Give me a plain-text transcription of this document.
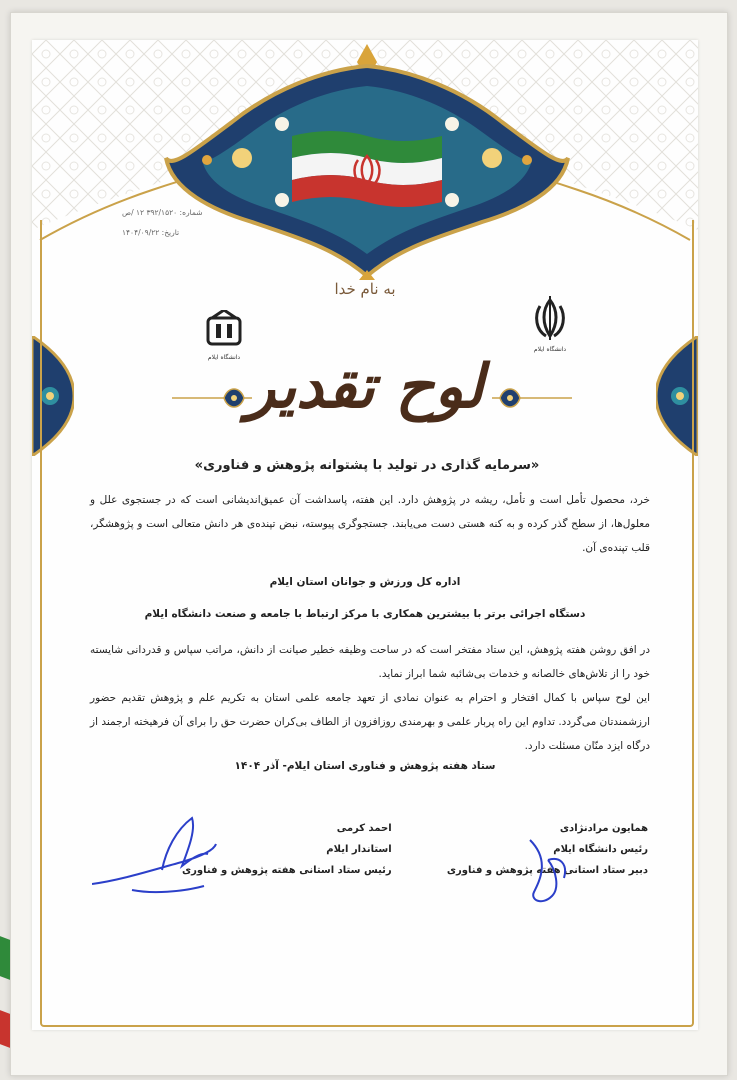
شماره: ۳۹۲/۱۵۲۰ ۱۲ /ص
تاریخ: ۱۴۰۴/۰۹/۲۲
به نام خدا
دانشگاه ایلام
دانشگاه ایلام لوح تقدیر
«سرمایه گذاری در تولید با پشتوانه پژوهش و فناوری»
خرد، محصول تأمل است و تأمل، ریشه در پژوهش دارد. این هفته، پاسداشت آن عمیق‌اندیشانی است که در جستجوی علل و معلول‌ها، از سطح گذر کرده و به کنه هستی دست می‌یابند. جستجوگری پیوسته، نبض تپنده‌ی هر دانش متعالی است و پژوهشگر، قلب تپنده‌ی آن.
اداره کل ورزش و جوانان استان ایلام
دستگاه اجرائی برتر با بیشترین همکاری با مرکز ارتباط با جامعه و صنعت دانشگاه ایلام
در افق روشن هفته پژوهش، این ستاد مفتخر است که در ساحت وظیفه خطیر صیانت از دانش، مراتب سپاس و قدردانی شایسته خود را از تلاش‌های خالصانه و خدمات بی‌شائبه شما ابراز نماید.
این لوح سپاس با کمال افتخار و احترام به عنوان نمادی از تعهد جامعه علمی استان به تکریم علم و پژوهش تقدیم حضور ارزشمندتان می‌گردد. تداوم این راه پربار علمی و بهرمندی روزافزون از الطاف بی‌کران حضرت حق را برای آن فرهیخته ارجمند از درگاه ایزد منّان مسئلت دارد.
ستاد هفته پژوهش و فناوری استان ایلام- آذر ۱۴۰۴
همایون مرادنژادی
رئیس دانشگاه ایلام
دبیر ستاد استانی هفته پژوهش و فناوری
احمد کرمی
استاندار ایلام
رئیس ستاد استانی هفته پژوهش و فناوری
